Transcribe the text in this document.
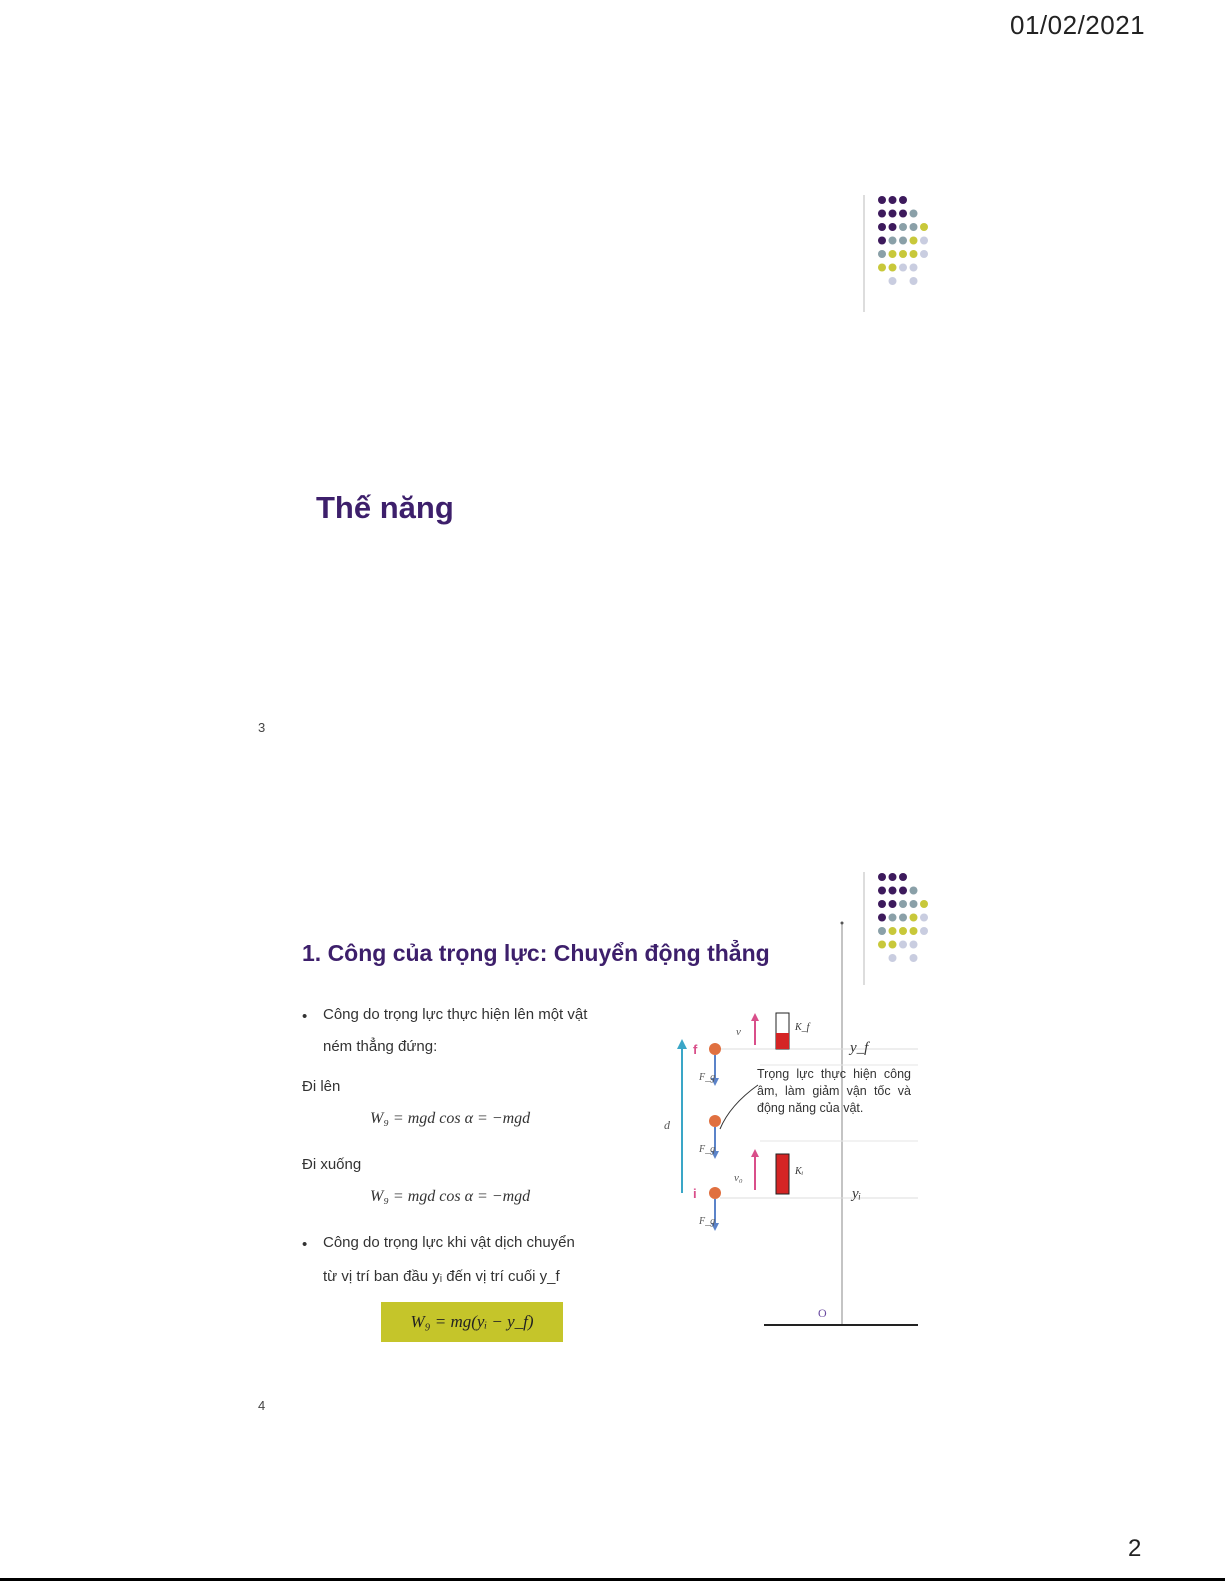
01/02/2021
2
Thế năng
3
1. Công của trọng lực: Chuyển động thẳng
• Công do trọng lực thực hiện lên một vật
ném thẳng đứng:
Đi lên
W₉ = mgd cos α = −mgd
Đi xuống
W₉ = mgd cos α = −mgd
• Công do trọng lực khi vật dịch chuyển
từ vị trí ban đầu yᵢ đến vị trí cuối y_f
W₉ = mg(yᵢ − y_f)
f
i
d
v
v₀
F_g
F_g
F_g
K_f
Kᵢ
y_f
yᵢ
O
Trọng lực thực hiện công âm, làm giảm vận tốc và động năng của vật.
4
